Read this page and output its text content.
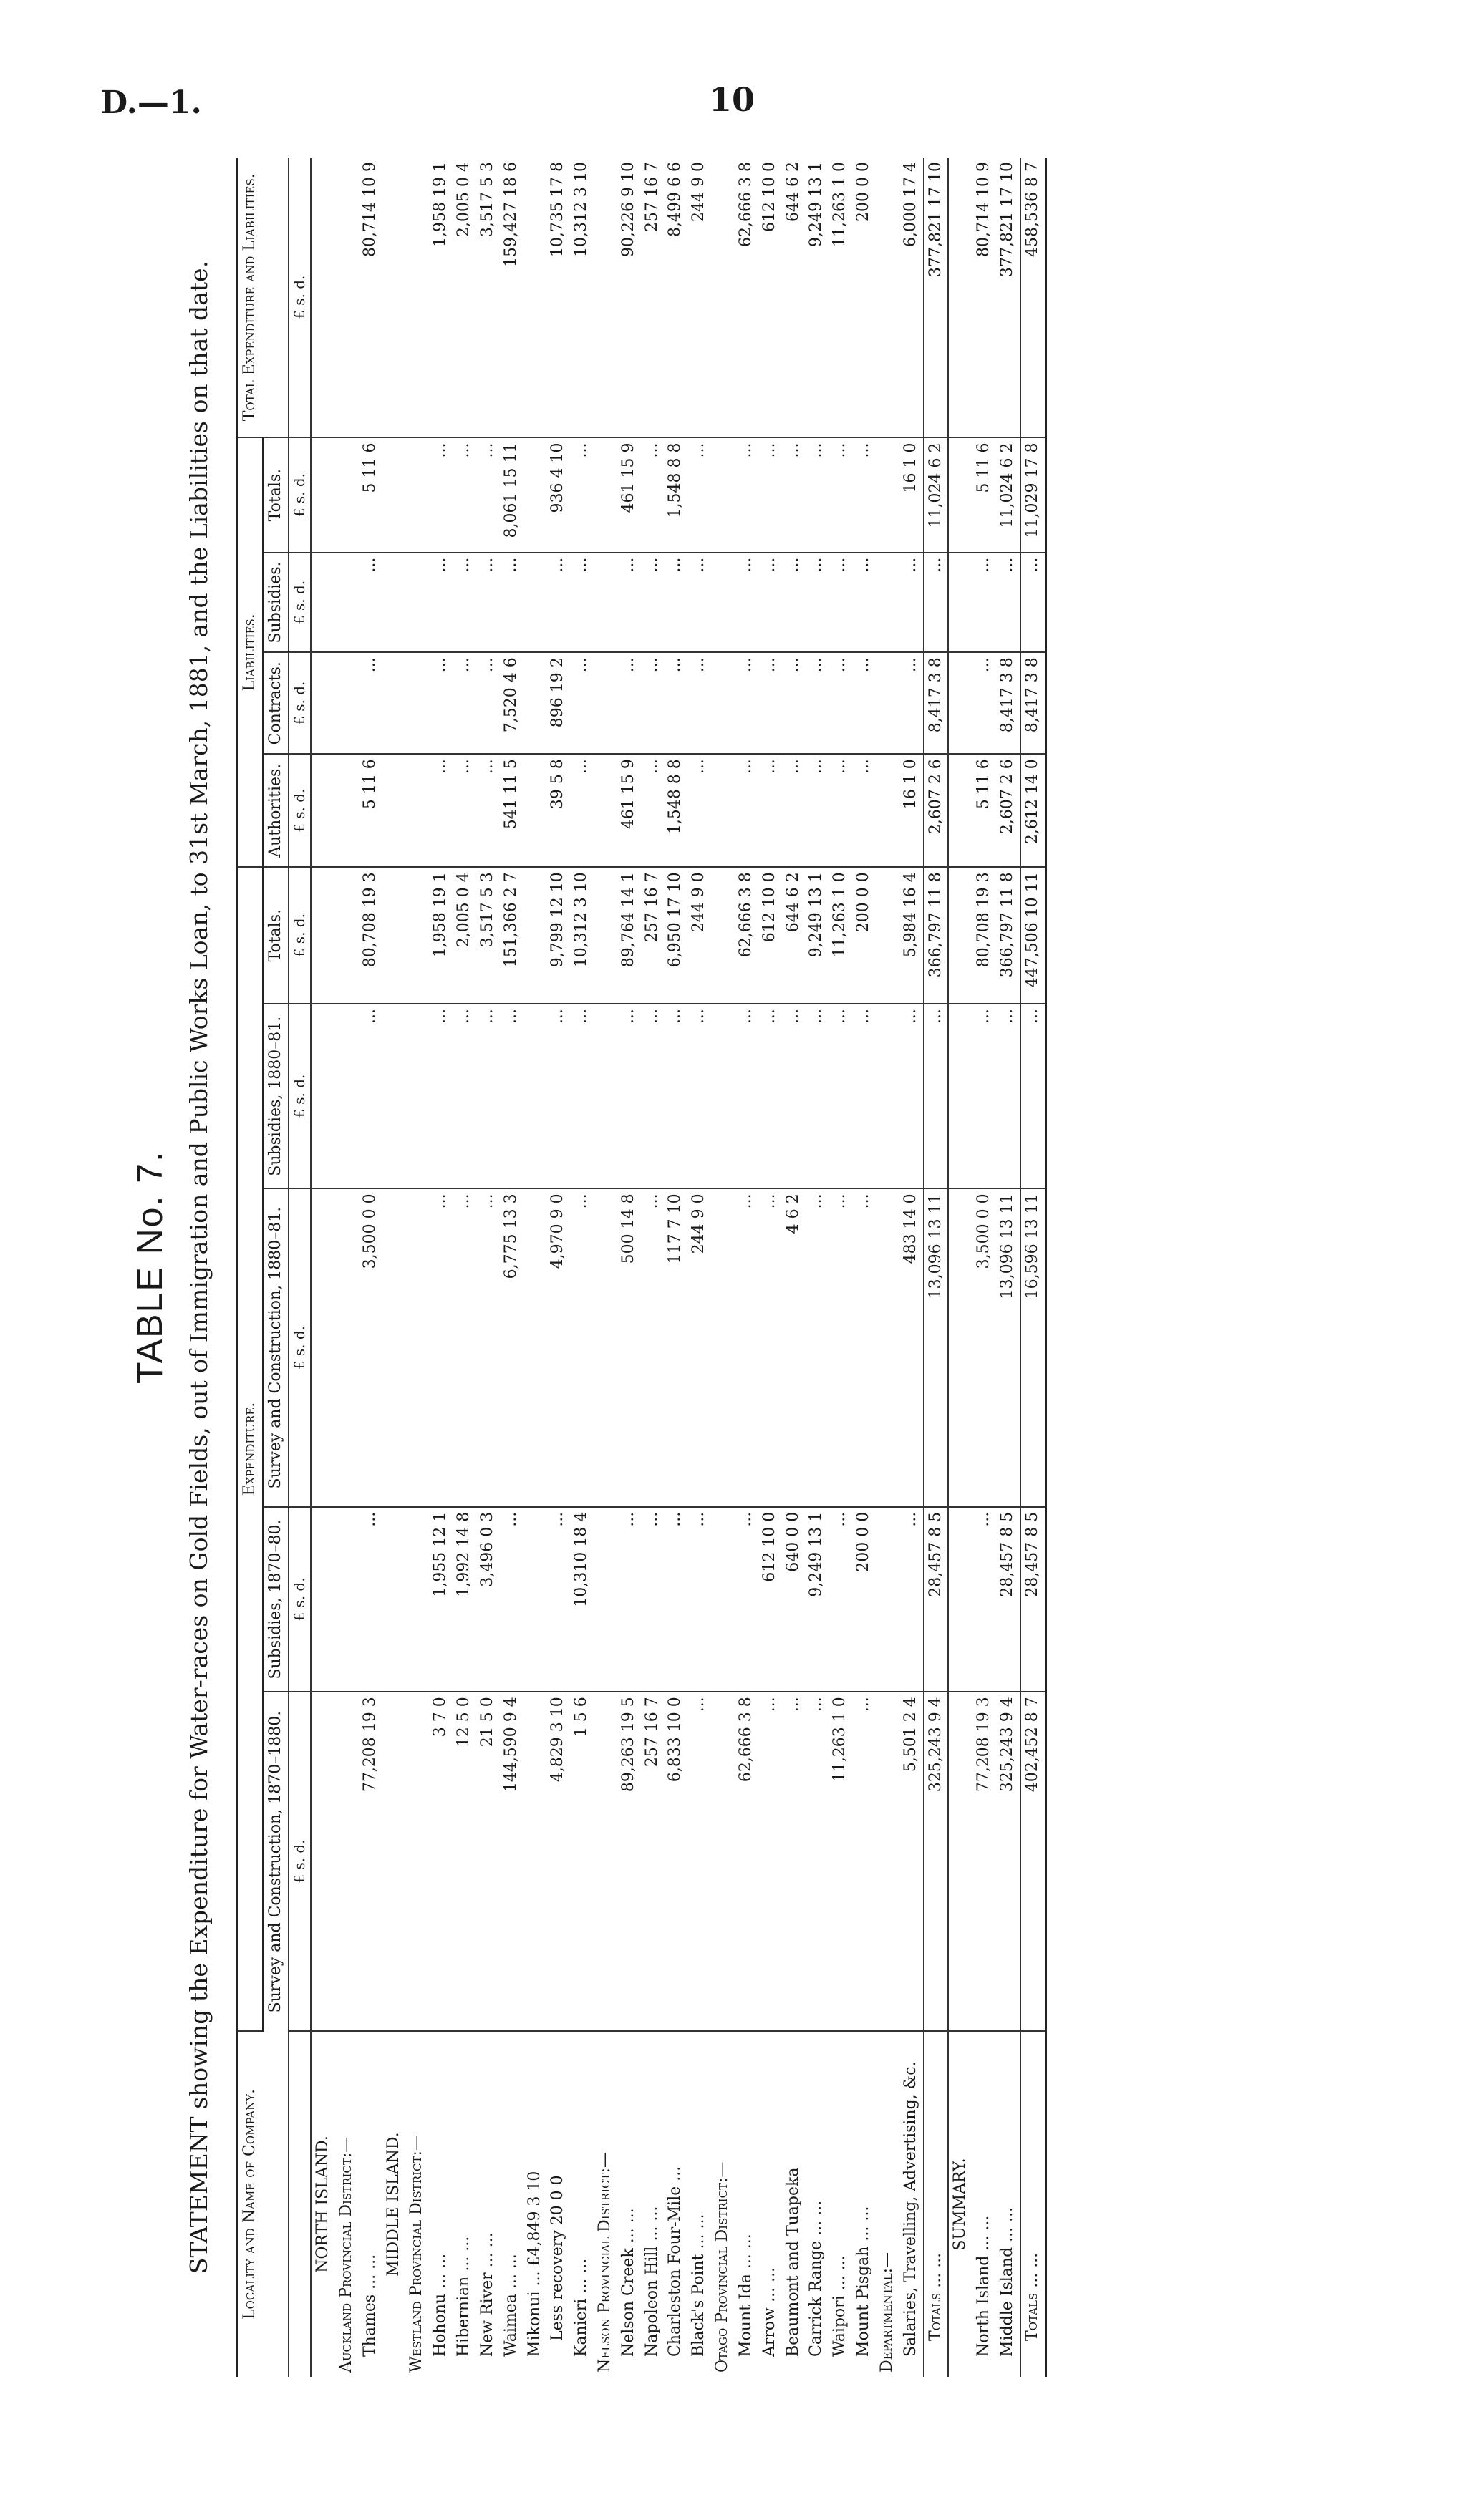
D.—1.	10
TABLE No. 7. STATEMENT showing the Expenditure for Water-races on Gold Fields, out of Immigration and Public Works Loan, to 31st March, 1881, and the Liabilities on that date. Locality and Name of Company.	Expenditure.					Liabilities.				Total Expenditure and Liabilities.
	Survey and Construction, 1870–1880.	Subsidies, 1870–80.	Survey and Construction, 1880–81.	Subsidies, 1880–81.	Totals.	Authorities.	Contracts.	Subsidies.	Totals.	
	£ s. d.	£ s. d.	£ s. d.	£ s. d.	£ s. d.	£ s. d.	£ s. d.	£ s. d.	£ s. d.	£ s. d.

NORTH ISLAND.										

Auckland Provincial District:—										
Thames ... ...	77,208 19 3	...	3,500 0 0	...	80,708 19 3	5 11 6	...	...	5 11 6	80,714 10 9

MIDDLE ISLAND.										

Westland Provincial District:—										
Hohonu ... ...	3 7 0	1,955 12 1	...	...	1,958 19 1	...	...	...	...	1,958 19 1
Hibernian ... ...	12 5 0	1,992 14 8	...	...	2,005 0 4	...	...	...	...	2,005 0 4
New River ... ...	21 5 0	3,496 0 3	...	...	3,517 5 3	...	...	...	...	3,517 5 3
Waimea ... ...	144,590 9 4	...	6,775 13 3	...	151,366 2 7	541 11 5	7,520 4 6	...	8,061 15 11	159,427 18 6
Mikonui ... £4,849 3 10										
Less recovery 20 0 0	4,829 3 10	...	4,970 9 0	...	9,799 12 10	39 5 8	896 19 2	...	936 4 10	10,735 17 8
Kanieri ... ...	1 5 6	10,310 18 4	...	...	10,312 3 10	...	...	...	...	10,312 3 10
Nelson Provincial District:—										
Nelson Creek ... ...	89,263 19 5	...	500 14 8	...	89,764 14 1	461 15 9	...	...	461 15 9	90,226 9 10
Napoleon Hill ... ...	257 16 7	...	...	...	257 16 7	...	...	...	...	257 16 7
Charleston Four-Mile ...	6,833 10 0	...	117 7 10	...	6,950 17 10	1,548 8 8	...	...	1,548 8 8	8,499 6 6
Black's Point ... ...	...	...	244 9 0	...	244 9 0	...	...	...	...	244 9 0
Otago Provincial District:—										
Mount Ida ... ...	62,666 3 8	...	...	...	62,666 3 8	...	...	...	...	62,666 3 8
Arrow ... ...	...	612 10 0	...	...	612 10 0	...	...	...	...	612 10 0
Beaumont and Tuapeka	...	640 0 0	4 6 2	...	644 6 2	...	...	...	...	644 6 2
Carrick Range ... ...	...	9,249 13 1	...	...	9,249 13 1	...	...	...	...	9,249 13 1
Waipori ... ...	11,263 1 0	...	...	...	11,263 1 0	...	...	...	...	11,263 1 0
Mount Pisgah ... ...	...	200 0 0	...	...	200 0 0	...	...	...	...	200 0 0
Departmental:—										
Salaries, Travelling, Advertising, &c.	5,501 2 4	...	483 14 0	...	5,984 16 4	16 1 0	...	...	16 1 0	6,000 17 4
Totals ... ...	325,243 9 4	28,457 8 5	13,096 13 11	...	366,797 11 8	2,607 2 6	8,417 3 8	...	11,024 6 2	377,821 17 10

SUMMARY.										

North Island ... ...	77,208 19 3	...	3,500 0 0	...	80,708 19 3	5 11 6	...	...	5 11 6	80,714 10 9
Middle Island ... ...	325,243 9 4	28,457 8 5	13,096 13 11	...	366,797 11 8	2,607 2 6	8,417 3 8	...	11,024 6 2	377,821 17 10
Totals ... ...	402,452 8 7	28,457 8 5	16,596 13 11	...	447,506 10 11	2,612 14 0	8,417 3 8	...	11,029 17 8	458,536 8 7
